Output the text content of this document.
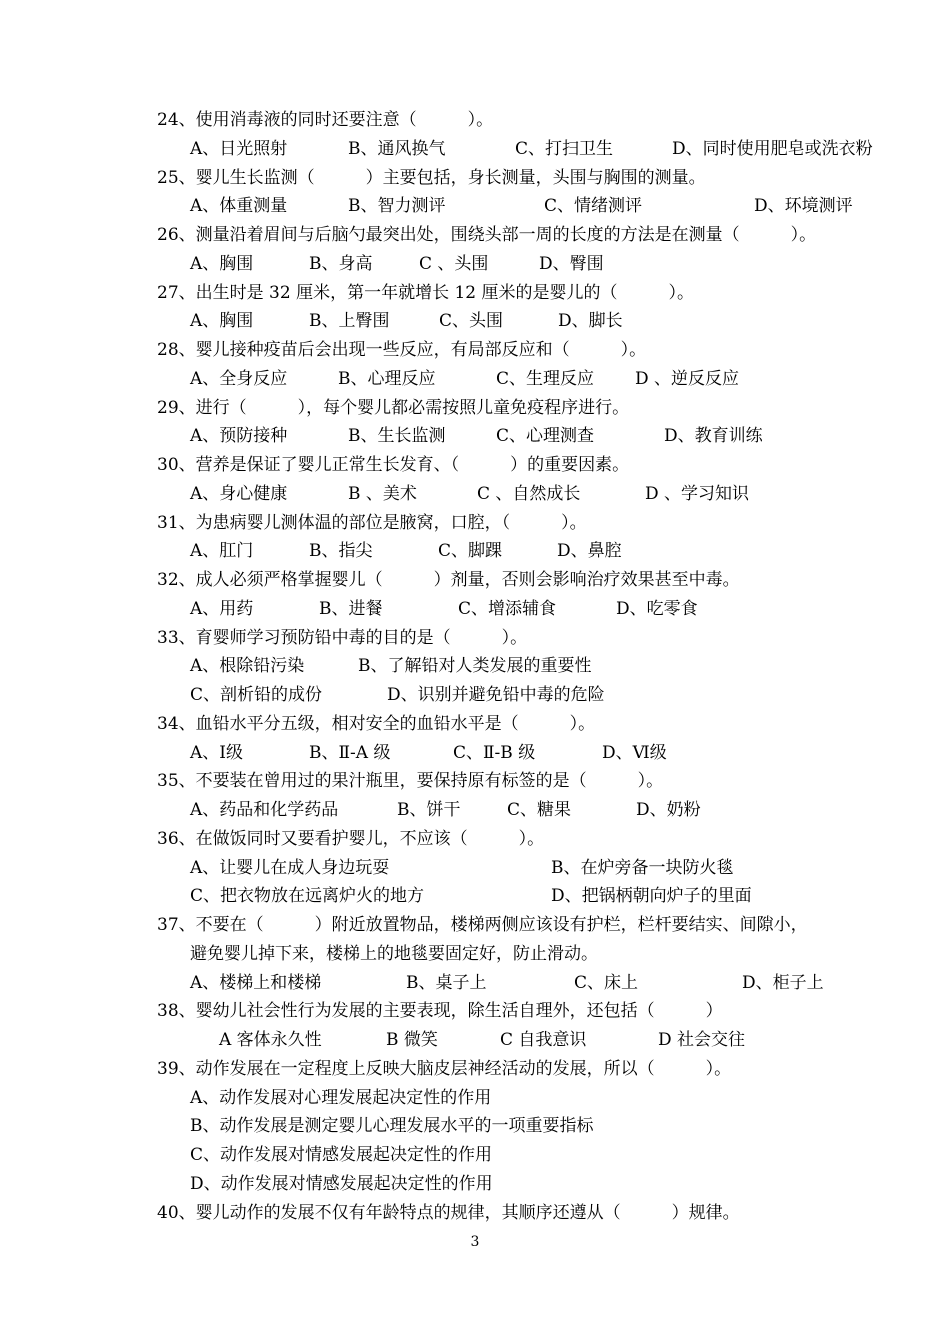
24、使用消毒液的同时还要注意（　　　）。
A、日光照射	B、通风换气	C、打扫卫生	D、同时使用肥皂或洗衣粉
25、婴儿生长监测（　　　）主要包括，身长测量，头围与胸围的测量。
A、体重测量	B、智力测评	C、情绪测评	D、环境测评
26、测量沿着眉间与后脑勺最突出处，围绕头部一周的长度的方法是在测量（　　　）。
A、胸围	B、身高	C 、头围	D、臀围
27、出生时是 32 厘米，第一年就增长 12 厘米的是婴儿的（　　　）。
A、胸围	B、上臀围	C、头围	D、脚长
28、婴儿接种疫苗后会出现一些反应，有局部反应和（　　　）。
A、全身反应	B、心理反应	C、生理反应	D 、逆反反应
29、进行（　　　），每个婴儿都必需按照儿童免疫程序进行。
A、预防接种	B、生长监测	C、心理测查	D、教育训练
30、营养是保证了婴儿正常生长发育、（　　　）的重要因素。
A、身心健康	B 、美术	C 、自然成长	D 、学习知识
31、为患病婴儿测体温的部位是腋窝，口腔，（　　　）。
A、肛门	B、指尖	C、脚踝	D、鼻腔
32、成人必须严格掌握婴儿（　　　）剂量，否则会影响治疗效果甚至中毒。
A、用药	B、进餐	C、增添辅食	D、吃零食
33、育婴师学习预防铅中毒的目的是（　　　）。
A、根除铅污染	B、了解铅对人类发展的重要性
C、剖析铅的成份	D、识别并避免铅中毒的危险
34、血铅水平分五级，相对安全的血铅水平是（　　　）。
A、Ⅰ级	B、Ⅱ-A 级	C、Ⅱ-B 级	D、Ⅵ级
35、不要装在曾用过的果汁瓶里，要保持原有标签的是（　　　）。
A、药品和化学药品	B、饼干	C、糖果	D、奶粉
36、在做饭同时又要看护婴儿，不应该（　　　）。
A、让婴儿在成人身边玩耍	B、在炉旁备一块防火毯
C、把衣物放在远离炉火的地方	D、把锅柄朝向炉子的里面
37、不要在（　　　）附近放置物品，楼梯两侧应该设有护栏，栏杆要结实、间隙小，
避免婴儿掉下来，楼梯上的地毯要固定好，防止滑动。
A、楼梯上和楼梯	B、桌子上	C、床上	D、柜子上
38、婴幼儿社会性行为发展的主要表现，除生活自理外，还包括（　　　）
A 客体永久性	B 微笑	C 自我意识	D 社会交往
39、动作发展在一定程度上反映大脑皮层神经活动的发展，所以（　　　）。
A、动作发展对心理发展起决定性的作用
B、动作发展是测定婴儿心理发展水平的一项重要指标
C、动作发展对情感发展起决定性的作用
D、动作发展对情感发展起决定性的作用
40、婴儿动作的发展不仅有年龄特点的规律，其顺序还遵从（　　　）规律。
3
